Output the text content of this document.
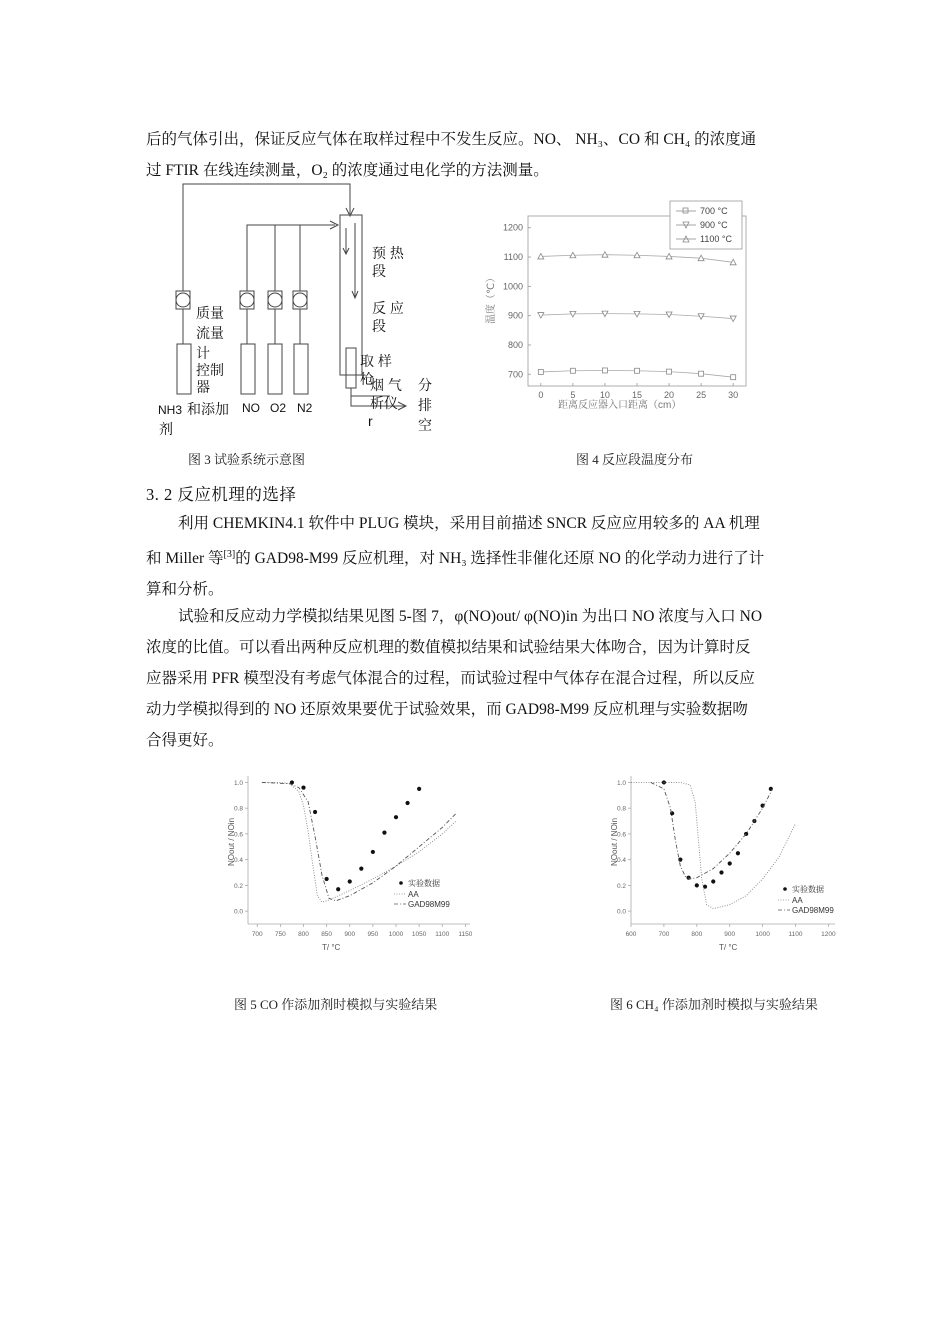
后的气体引出，保证反应气体在取样过程中不发生反应。NO、 NH₃、CO 和 CH₄ 的浓度通
过 FTIR 在线连续测量，O₂ 的浓度通过电化学的方法测量。
质量
流量
计
控制
器
和添加
剂
预 热
段
反 应
段
取 样
枪
烟 气
析仪
r
分
排
空
NH3	NO O2 N2
图 3 试验系统示意图
0	5	10 15 20 25 30
700
800
900
1000
1100
1200
温度（℃）
距离反应器入口距离（cm）
700 °C
900 °C
1100 °C
图 4 反应段温度分布
3. 2 反应机理的选择
利用 CHEMKIN4.1 软件中 PLUG 模块，采用目前描述 SNCR 反应应用较多的 AA 机理
和 Miller 等[3]的 GAD98-M99 反应机理，对 NH₃ 选择性非催化还原 NO 的化学动力进行了计
算和分析。
试验和反应动力学模拟结果见图 5-图 7，φ(NO)out/ φ(NO)in 为出口 NO 浓度与入口 NO
浓度的比值。可以看出两种反应机理的数值模拟结果和试验结果大体吻合，因为计算时反
应器采用 PFR 模型没有考虑气体混合的过程，而试验过程中气体存在混合过程，所以反应
动力学模拟得到的 NO 还原效果要优于试验效果，而 GAD98-M99 反应机理与实验数据吻
合得更好。
700 750 800 850 900 950 1000 1050 1100 1150
0.0
0.2
0.4
0.6
0.8
1.0
NOout / NOin
T/ °C
实验数据
AA
GAD98M99
图 5 CO 作添加剂时模拟与实验结果
600	700	800	900	1000	1100	1200
0.0
0.2
0.4
0.6
0.8
1.0
NOout / NOin
T/ °C
实验数据
AA
GAD98M99
图 6 CH₄ 作添加剂时模拟与实验结果
